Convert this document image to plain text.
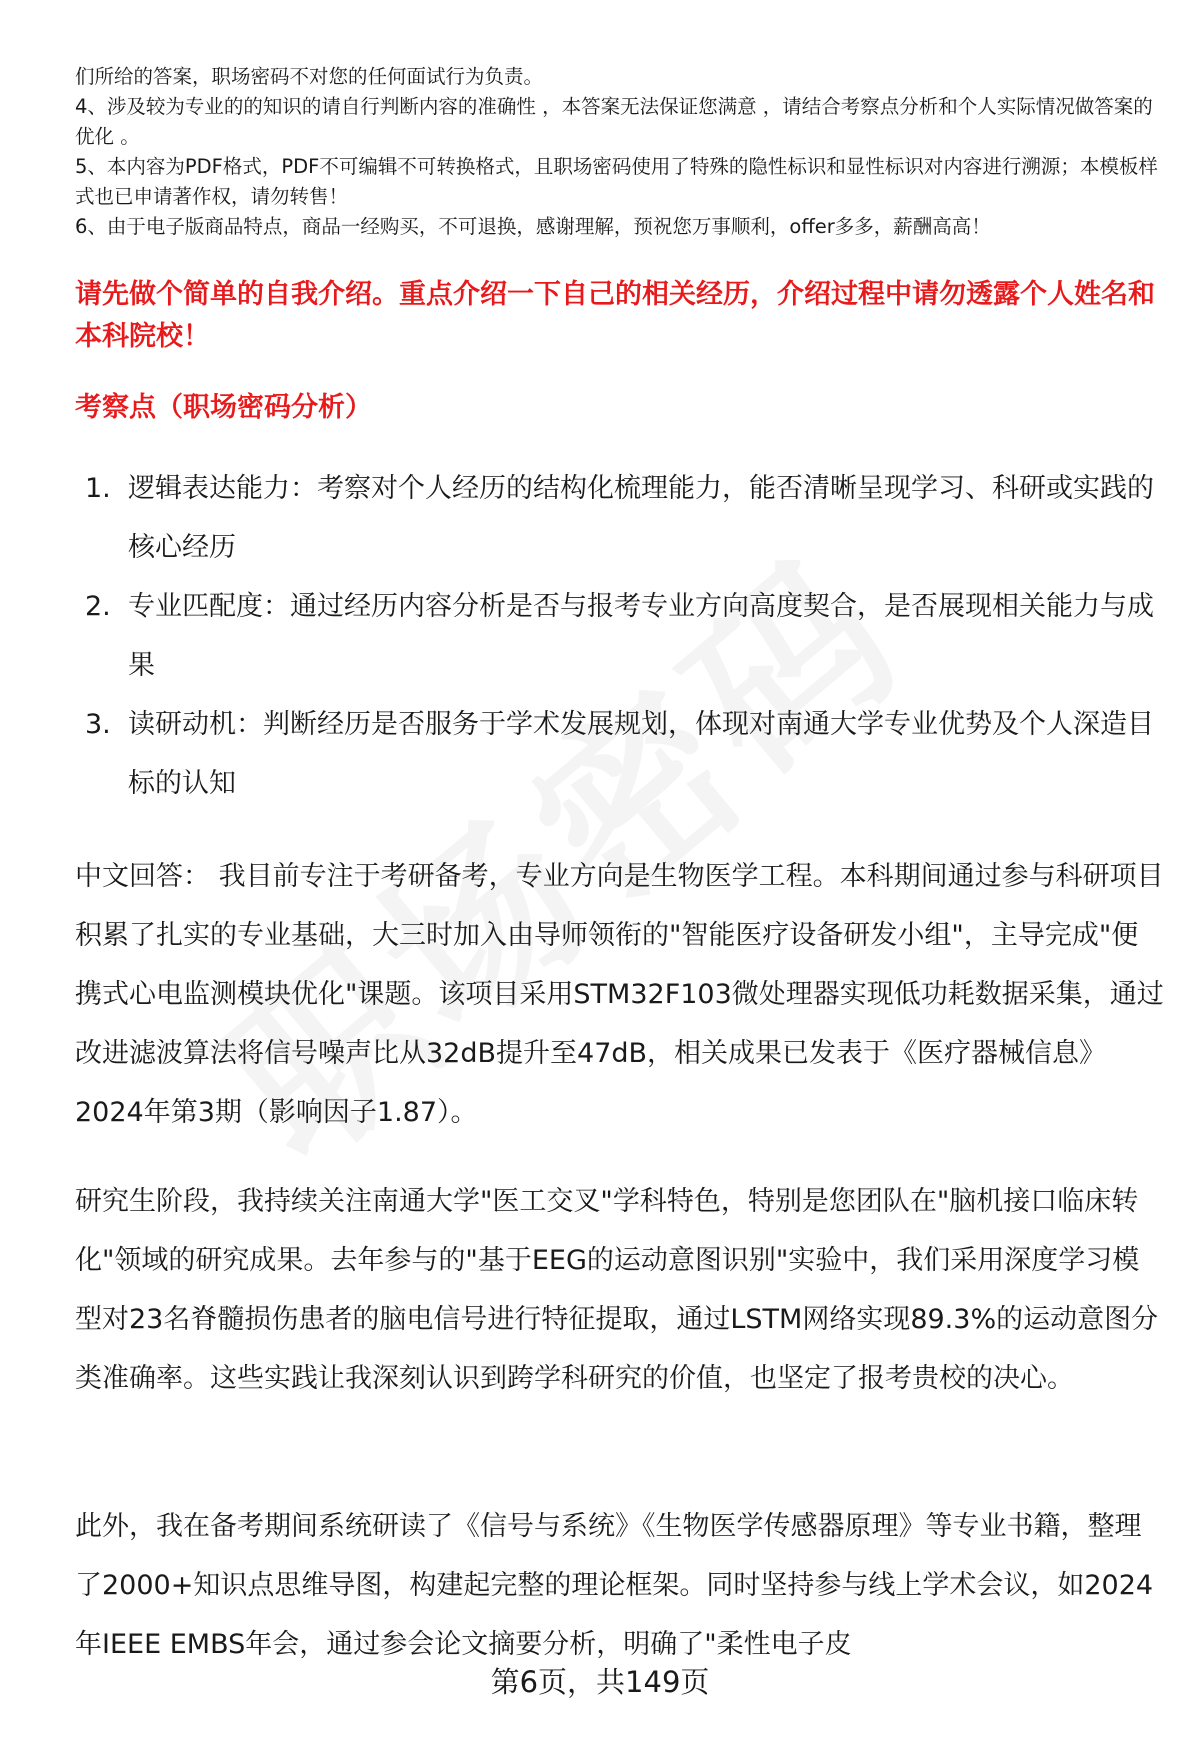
们所给的答案，职场密码不对您的任何面试行为负责。

4、涉及较为专业的的知识的请自行判断内容的准确性 ，本答案无法保证您满意 ，请结合考察点分析和个人实际情况做答案的优化 。

5、本内容为PDF格式，PDF不可编辑不可转换格式，且职场密码使用了特殊的隐性标识和显性标识对内容进行溯源；本模板样式也已申请著作权，请勿转售！

6、由于电子版商品特点，商品一经购买，不可退换，感谢理解，预祝您万事顺利，offer多多，薪酬高高！

请先做个简单的自我介绍。重点介绍一下自己的相关经历，介绍过程中请勿透露个人姓名和本科院校！

考察点（职场密码分析）

1. 逻辑表达能力：考察对个人经历的结构化梳理能力，能否清晰呈现学习、科研或实践的核心经历
2. 专业匹配度：通过经历内容分析是否与报考专业方向高度契合，是否展现相关能力与成果
3. 读研动机：判断经历是否服务于学术发展规划，体现对南通大学专业优势及个人深造目标的认知

中文回答： 我目前专注于考研备考，专业方向是生物医学工程。本科期间通过参与科研项目积累了扎实的专业基础，大三时加入由导师领衔的"智能医疗设备研发小组"，主导完成"便携式心电监测模块优化"课题。该项目采用STM32F103微处理器实现低功耗数据采集，通过改进滤波算法将信号噪声比从32dB提升至47dB，相关成果已发表于《医疗器械信息》2024年第3期（影响因子1.87）。

研究生阶段，我持续关注南通大学"医工交叉"学科特色，特别是您团队在"脑机接口临床转化"领域的研究成果。去年参与的"基于EEG的运动意图识别"实验中，我们采用深度学习模型对23名脊髓损伤患者的脑电信号进行特征提取，通过LSTM网络实现89.3%的运动意图分类准确率。这些实践让我深刻认识到跨学科研究的价值，也坚定了报考贵校的决心。

此外，我在备考期间系统研读了《信号与系统》《生物医学传感器原理》等专业书籍，整理了2000+知识点思维导图，构建起完整的理论框架。同时坚持参与线上学术会议，如2024年IEEE EMBS年会，通过参会论文摘要分析，明确了"柔性电子皮

第6页，共149页
